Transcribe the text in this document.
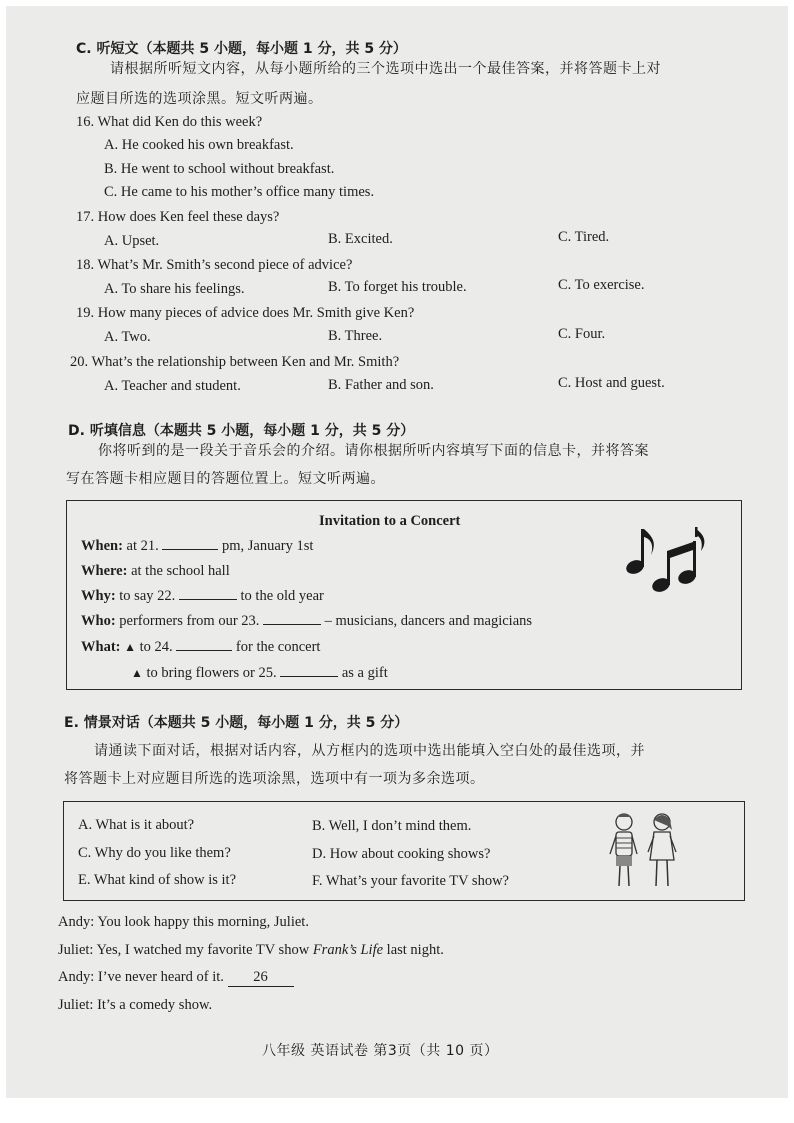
C. 听短文（本题共 5 小题，每小题 1 分，共 5 分）
请根据所听短文内容，从每小题所给的三个选项中选出一个最佳答案，并将答题卡上对
应题目所选的选项涂黑。短文听两遍。
16. What did Ken do this week?
A. He cooked his own breakfast.
B. He went to school without breakfast.
C. He came to his mother’s office many times.
17. How does Ken feel these days?
A. Upset.	B. Excited.	C. Tired.
18. What’s Mr. Smith’s second piece of advice?
A. To share his feelings.	B. To forget his trouble.	C. To exercise.
19. How many pieces of advice does Mr. Smith give Ken?
A. Two.	B. Three.	C. Four.
20. What’s the relationship between Ken and Mr. Smith?
A. Teacher and student.	B. Father and son.	C. Host and guest.
D. 听填信息（本题共 5 小题，每小题 1 分，共 5 分）
你将听到的是一段关于音乐会的介绍。请你根据所听内容填写下面的信息卡，并将答案
写在答题卡相应题目的答题位置上。短文听两遍。
Invitation to a Concert
When: at 21.	pm, January 1st
Where: at the school hall
Why: to say 22.	to the old year
Who: performers from our 23.	– musicians, dancers and magicians
What: ▲ to 24.	for the concert
▲ to bring flowers or 25.	as a gift
E. 情景对话（本题共 5 小题，每小题 1 分，共 5 分）
请通读下面对话，根据对话内容，从方框内的选项中选出能填入空白处的最佳选项，并
将答题卡上对应题目所选的选项涂黑，选项中有一项为多余选项。
A. What is it about?	B. Well, I don’t mind them.
C. Why do you like them?	D. How about cooking shows?
E. What kind of show is it?	F. What’s your favorite TV show?
Andy: You look happy this morning, Juliet.
Juliet: Yes, I watched my favorite TV show Frank’s Life last night.
Andy: I’ve never heard of it. 26
Juliet: It’s a comedy show.
八年级 英语试卷 第3页（共 10 页）
